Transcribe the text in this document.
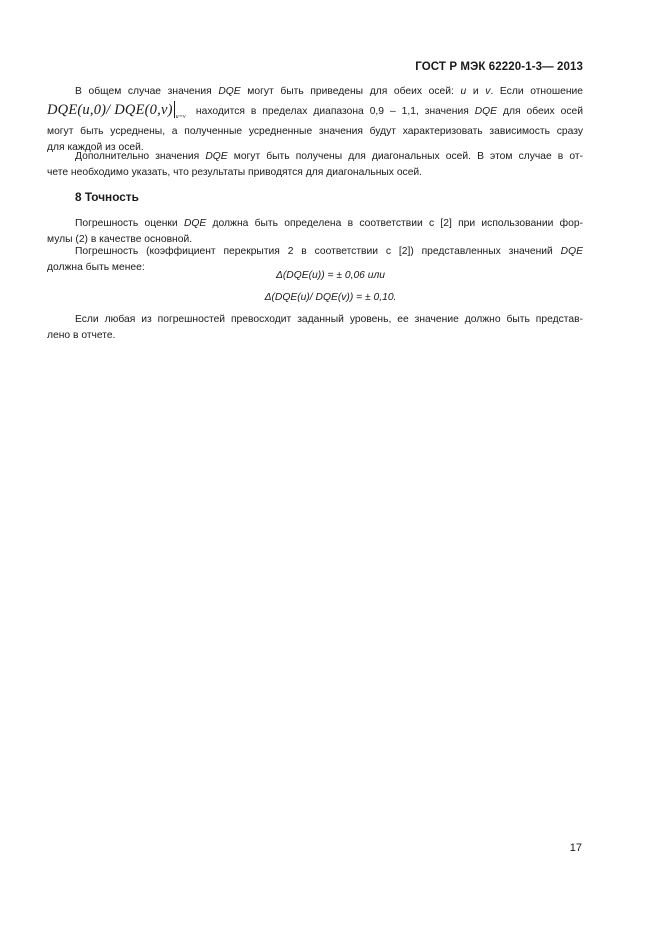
ГОСТ Р МЭК 62220-1-3— 2013
В общем случае значения DQE могут быть приведены для обеих осей: u и v. Если отношение
DQE(u,0)/ DQE(0,v) $_{u=v}$ находится в пределах диапазона 0,9 – 1,1, значения DQE для обеих осей
могут быть усреднены, а полученные усредненные значения будут характеризовать зависимость сразу
для каждой из осей.
Дополнительно значения DQE могут быть получены для диагональных осей. В этом случае в от-
чете необходимо указать, что результаты приводятся для диагональных осей.
8 Точность
Погрешность оценки DQE должна быть определена в соответствии с [2] при использовании фор-
мулы (2) в качестве основной.
Погрешность (коэффициент перекрытия 2 в соответствии с [2]) представленных значений DQE
должна быть менее:
Δ(DQE(u)) = ± 0,06 или
Δ(DQE(u)/ DQE(v)) = ± 0,10.
Если любая из погрешностей превосходит заданный уровень, ее значение должно быть представ-
лено в отчете.
17
